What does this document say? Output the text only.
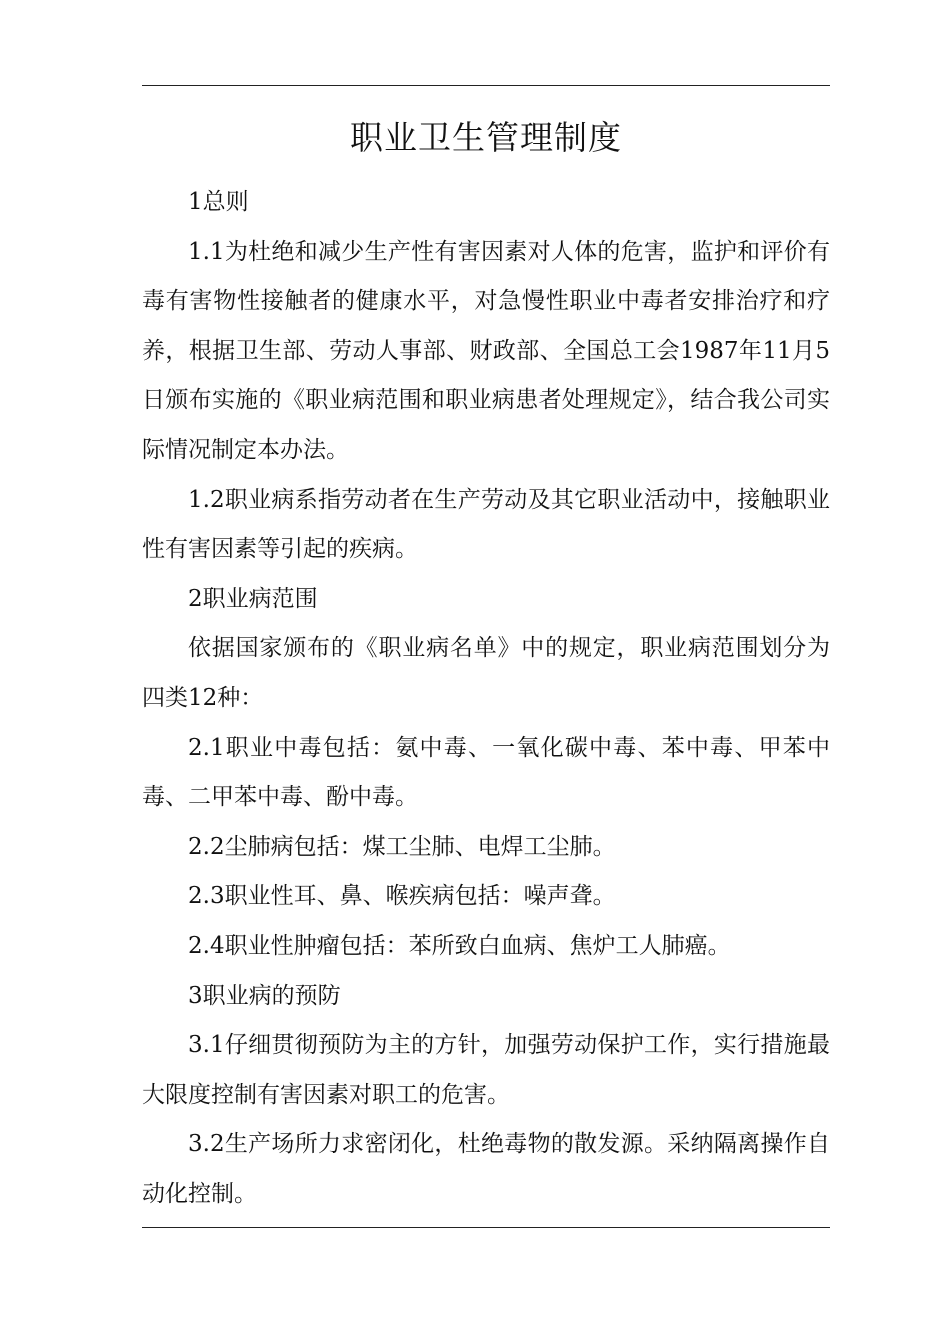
职业卫生管理制度

1总则

1.1为杜绝和减少生产性有害因素对人体的危害，监护和评价有毒有害物性接触者的健康水平，对急慢性职业中毒者安排治疗和疗养，根据卫生部、劳动人事部、财政部、全国总工会1987年11月5日颁布实施的《职业病范围和职业病患者处理规定》，结合我公司实际情况制定本办法。

1.2职业病系指劳动者在生产劳动及其它职业活动中，接触职业性有害因素等引起的疾病。

2职业病范围

依据国家颁布的《职业病名单》中的规定，职业病范围划分为四类12种：

2.1职业中毒包括：氨中毒、一氧化碳中毒、苯中毒、甲苯中毒、二甲苯中毒、酚中毒。

2.2尘肺病包括：煤工尘肺、电焊工尘肺。

2.3职业性耳、鼻、喉疾病包括：噪声聋。

2.4职业性肿瘤包括：苯所致白血病、焦炉工人肺癌。

3职业病的预防

3.1仔细贯彻预防为主的方针，加强劳动保护工作，实行措施最大限度控制有害因素对职工的危害。

3.2生产场所力求密闭化，杜绝毒物的散发源。采纳隔离操作自动化控制。
